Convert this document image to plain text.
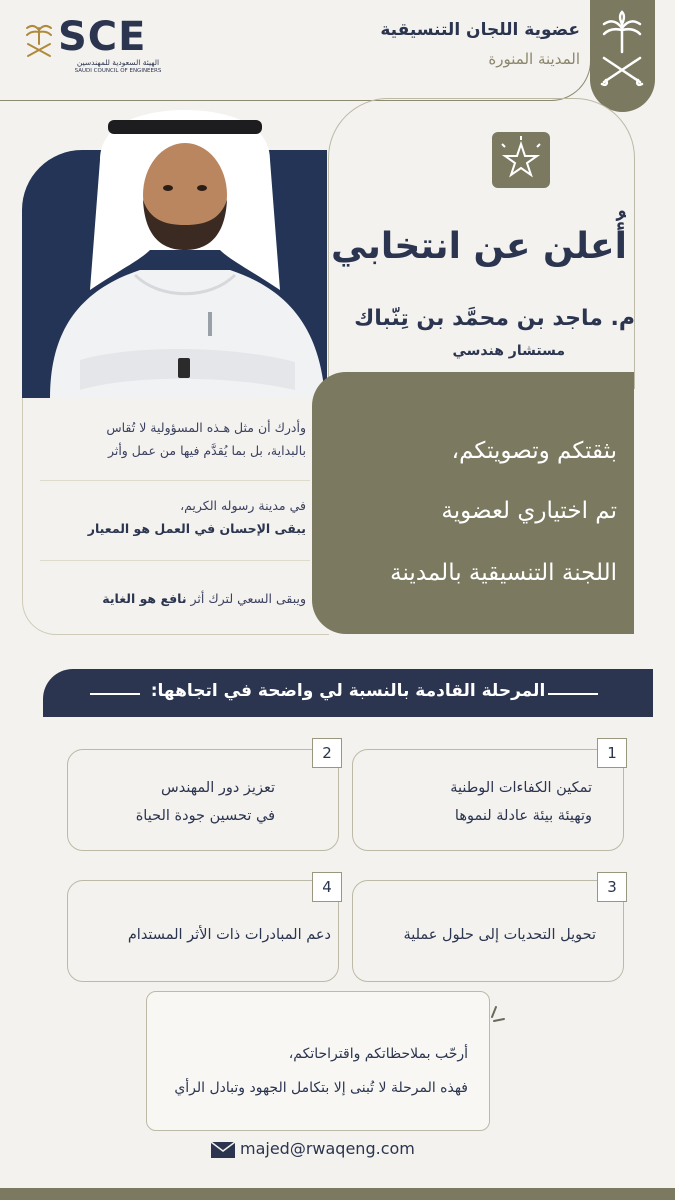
عضوية اللجان التنسيقية
المدينة المنورة
SCE
الهيئة السعودية للمهندسين
SAUDI COUNCIL OF ENGINEERS
أُعلن عن انتخابي
م. ماجد بن محمَّد بن تِنّباك
مستشار هندسي
وأدرك أن مثل هـذه المسؤولية لا تُقاس
بالبداية، بل بما يُقدَّم فيها من عمل وأثر
في مدينة رسوله الكريم،
يبقى الإحسان في العمل هو المعيار
ويبقى السعي لترك أثر نافع هو الغاية
بثقتكم وتصويتكم،
تم اختياري لعضوية
اللجنة التنسيقية بالمدينة
المرحلة القادمة بالنسبة لي واضحة في اتجاهها:
1
تمكين الكفاءات الوطنية
وتهيئة بيئة عادلة لنموها
2
تعزيز دور المهندس
في تحسين جودة الحياة
3
تحويل التحديات إلى حلول عملية
4
دعم المبادرات ذات الأثر المستدام
أرحّب بملاحظاتكم واقتراحاتكم،
فهذه المرحلة لا تُبنى إلا بتكامل الجهود وتبادل الرأي
majed@rwaqeng.com
